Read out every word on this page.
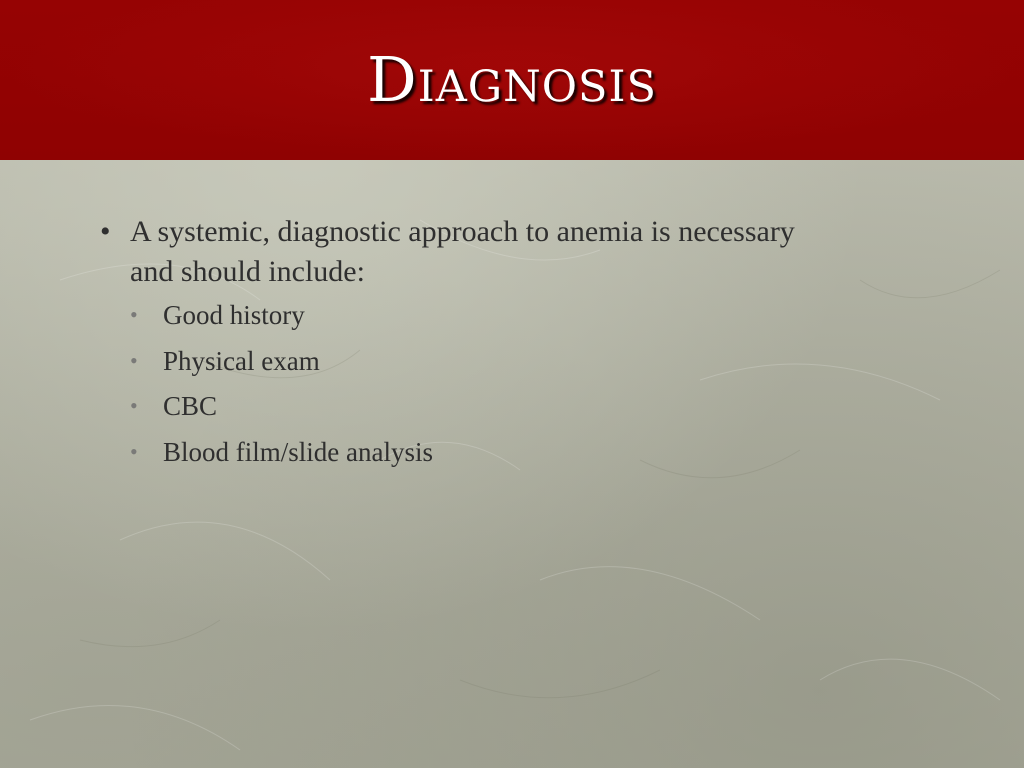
Diagnosis
• A systemic, diagnostic approach to anemia is necessary and should include:
• Good history
• Physical exam
• CBC
• Blood film/slide analysis
